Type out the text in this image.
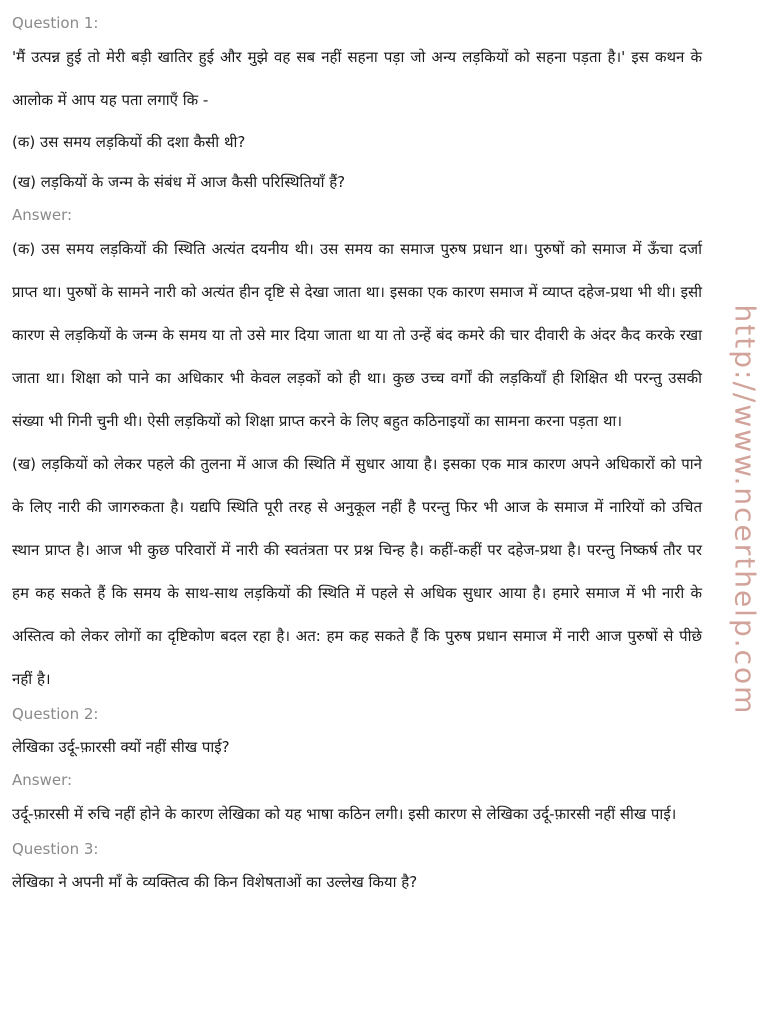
Question 1:

'मैं उत्पन्न हुई तो मेरी बड़ी खातिर हुई और मुझे वह सब नहीं सहना पड़ा जो अन्य लड़कियों को सहना पड़ता है।' इस कथन के आलोक में आप यह पता लगाएँ कि -

(क) उस समय लड़कियों की दशा कैसी थी?

(ख) लड़कियों के जन्म के संबंध में आज कैसी परिस्थितियाँ हैं?

Answer:

(क) उस समय लड़कियों की स्थिति अत्यंत दयनीय थी। उस समय का समाज पुरुष प्रधान था। पुरुषों को समाज में ऊँचा दर्जा प्राप्त था। पुरुषों के सामने नारी को अत्यंत हीन दृष्टि से देखा जाता था। इसका एक कारण समाज में व्याप्त दहेज-प्रथा भी थी। इसी कारण से लड़कियों के जन्म के समय या तो उसे मार दिया जाता था या तो उन्हें बंद कमरे की चार दीवारी के अंदर कैद करके रखा जाता था। शिक्षा को पाने का अधिकार भी केवल लड़कों को ही था। कुछ उच्च वर्गों की लड़कियाँ ही शिक्षित थी परन्तु उसकी संख्या भी गिनी चुनी थी। ऐसी लड़कियों को शिक्षा प्राप्त करने के लिए बहुत कठिनाइयों का सामना करना पड़ता था।

(ख) लड़कियों को लेकर पहले की तुलना में आज की स्थिति में सुधार आया है। इसका एक मात्र कारण अपने अधिकारों को पाने के लिए नारी की जागरुकता है। यद्यपि स्थिति पूरी तरह से अनुकूल नहीं है परन्तु फिर भी आज के समाज में नारियों को उचित स्थान प्राप्त है। आज भी कुछ परिवारों में नारी की स्वतंत्रता पर प्रश्न चिन्ह है। कहीं-कहीं पर दहेज-प्रथा है। परन्तु निष्कर्ष तौर पर हम कह सकते हैं कि समय के साथ-साथ लड़कियों की स्थिति में पहले से अधिक सुधार आया है। हमारे समाज में भी नारी के अस्तित्व को लेकर लोगों का दृष्टिकोण बदल रहा है। अत: हम कह सकते हैं कि पुरुष प्रधान समाज में नारी आज पुरुषों से पीछे नहीं है।

Question 2:

लेखिका उर्दू-फ़ारसी क्यों नहीं सीख पाई?

Answer:

उर्दू-फ़ारसी में रुचि नहीं होने के कारण लेखिका को यह भाषा कठिन लगी। इसी कारण से लेखिका उर्दू-फ़ारसी नहीं सीख पाई।

Question 3:

लेखिका ने अपनी माँ के व्यक्तित्व की किन विशेषताओं का उल्लेख किया है?

http://www.ncerthelp.com
